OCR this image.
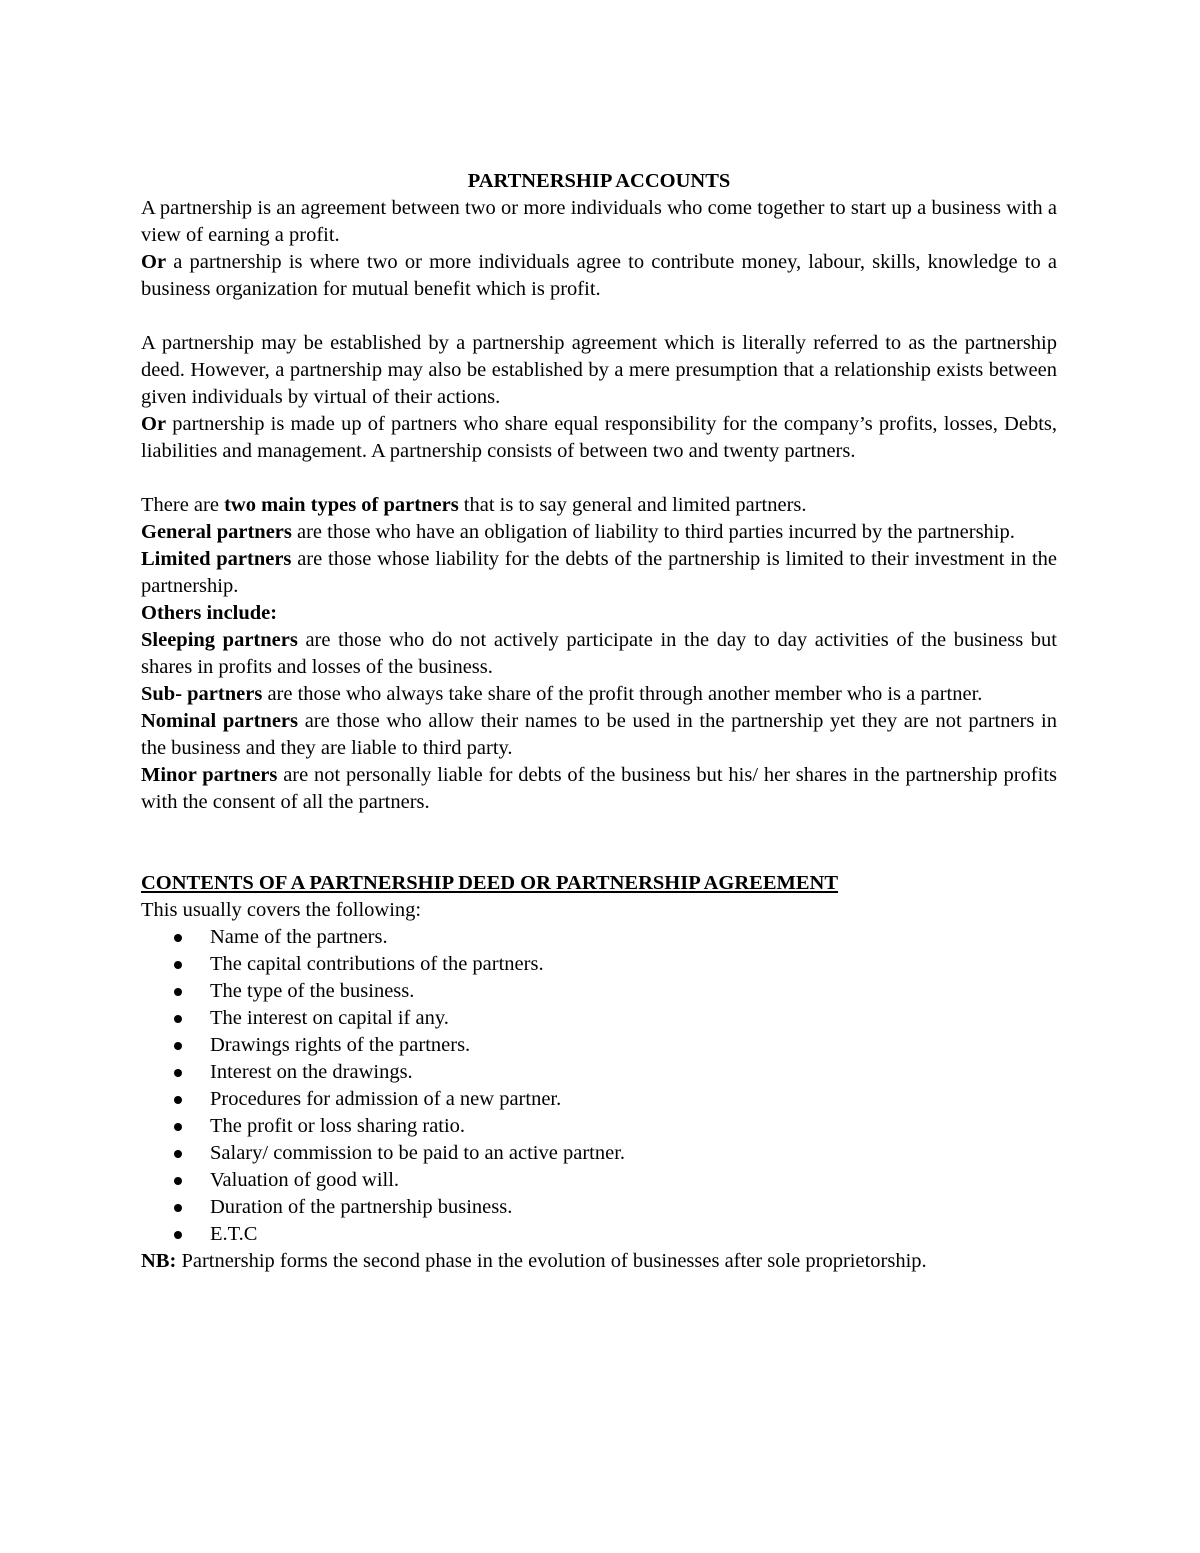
PARTNERSHIP ACCOUNTS

A partnership is an agreement between two or more individuals who come together to start up a business with a view of earning a profit.

Or a partnership is where two or more individuals agree to contribute money, labour, skills, knowledge to a business organization for mutual benefit which is profit.

A partnership may be established by a partnership agreement which is literally referred to as the partnership deed. However, a partnership may also be established by a mere presumption that a relationship exists between given individuals by virtual of their actions.

Or partnership is made up of partners who share equal responsibility for the company’s profits, losses, Debts, liabilities and management. A partnership consists of between two and twenty partners.

There are two main types of partners that is to say general and limited partners.

General partners are those who have an obligation of liability to third parties incurred by the partnership.

Limited partners are those whose liability for the debts of the partnership is limited to their investment in the partnership.

Others include:

Sleeping partners are those who do not actively participate in the day to day activities of the business but shares in profits and losses of the business.

Sub- partners are those who always take share of the profit through another member who is a partner.

Nominal partners are those who allow their names to be used in the partnership yet they are not partners in the business and they are liable to third party.

Minor partners are not personally liable for debts of the business but his/ her shares in the partnership profits with the consent of all the partners.

CONTENTS OF A PARTNERSHIP DEED OR PARTNERSHIP AGREEMENT

This usually covers the following:

Name of the partners.
The capital contributions of the partners.
The type of the business.
The interest on capital if any.
Drawings rights of the partners.
Interest on the drawings.
Procedures for admission of a new partner.
The profit or loss sharing ratio.
Salary/ commission to be paid to an active partner.
Valuation of good will.
Duration of the partnership business.
E.T.C

NB: Partnership forms the second phase in the evolution of businesses after sole proprietorship.
